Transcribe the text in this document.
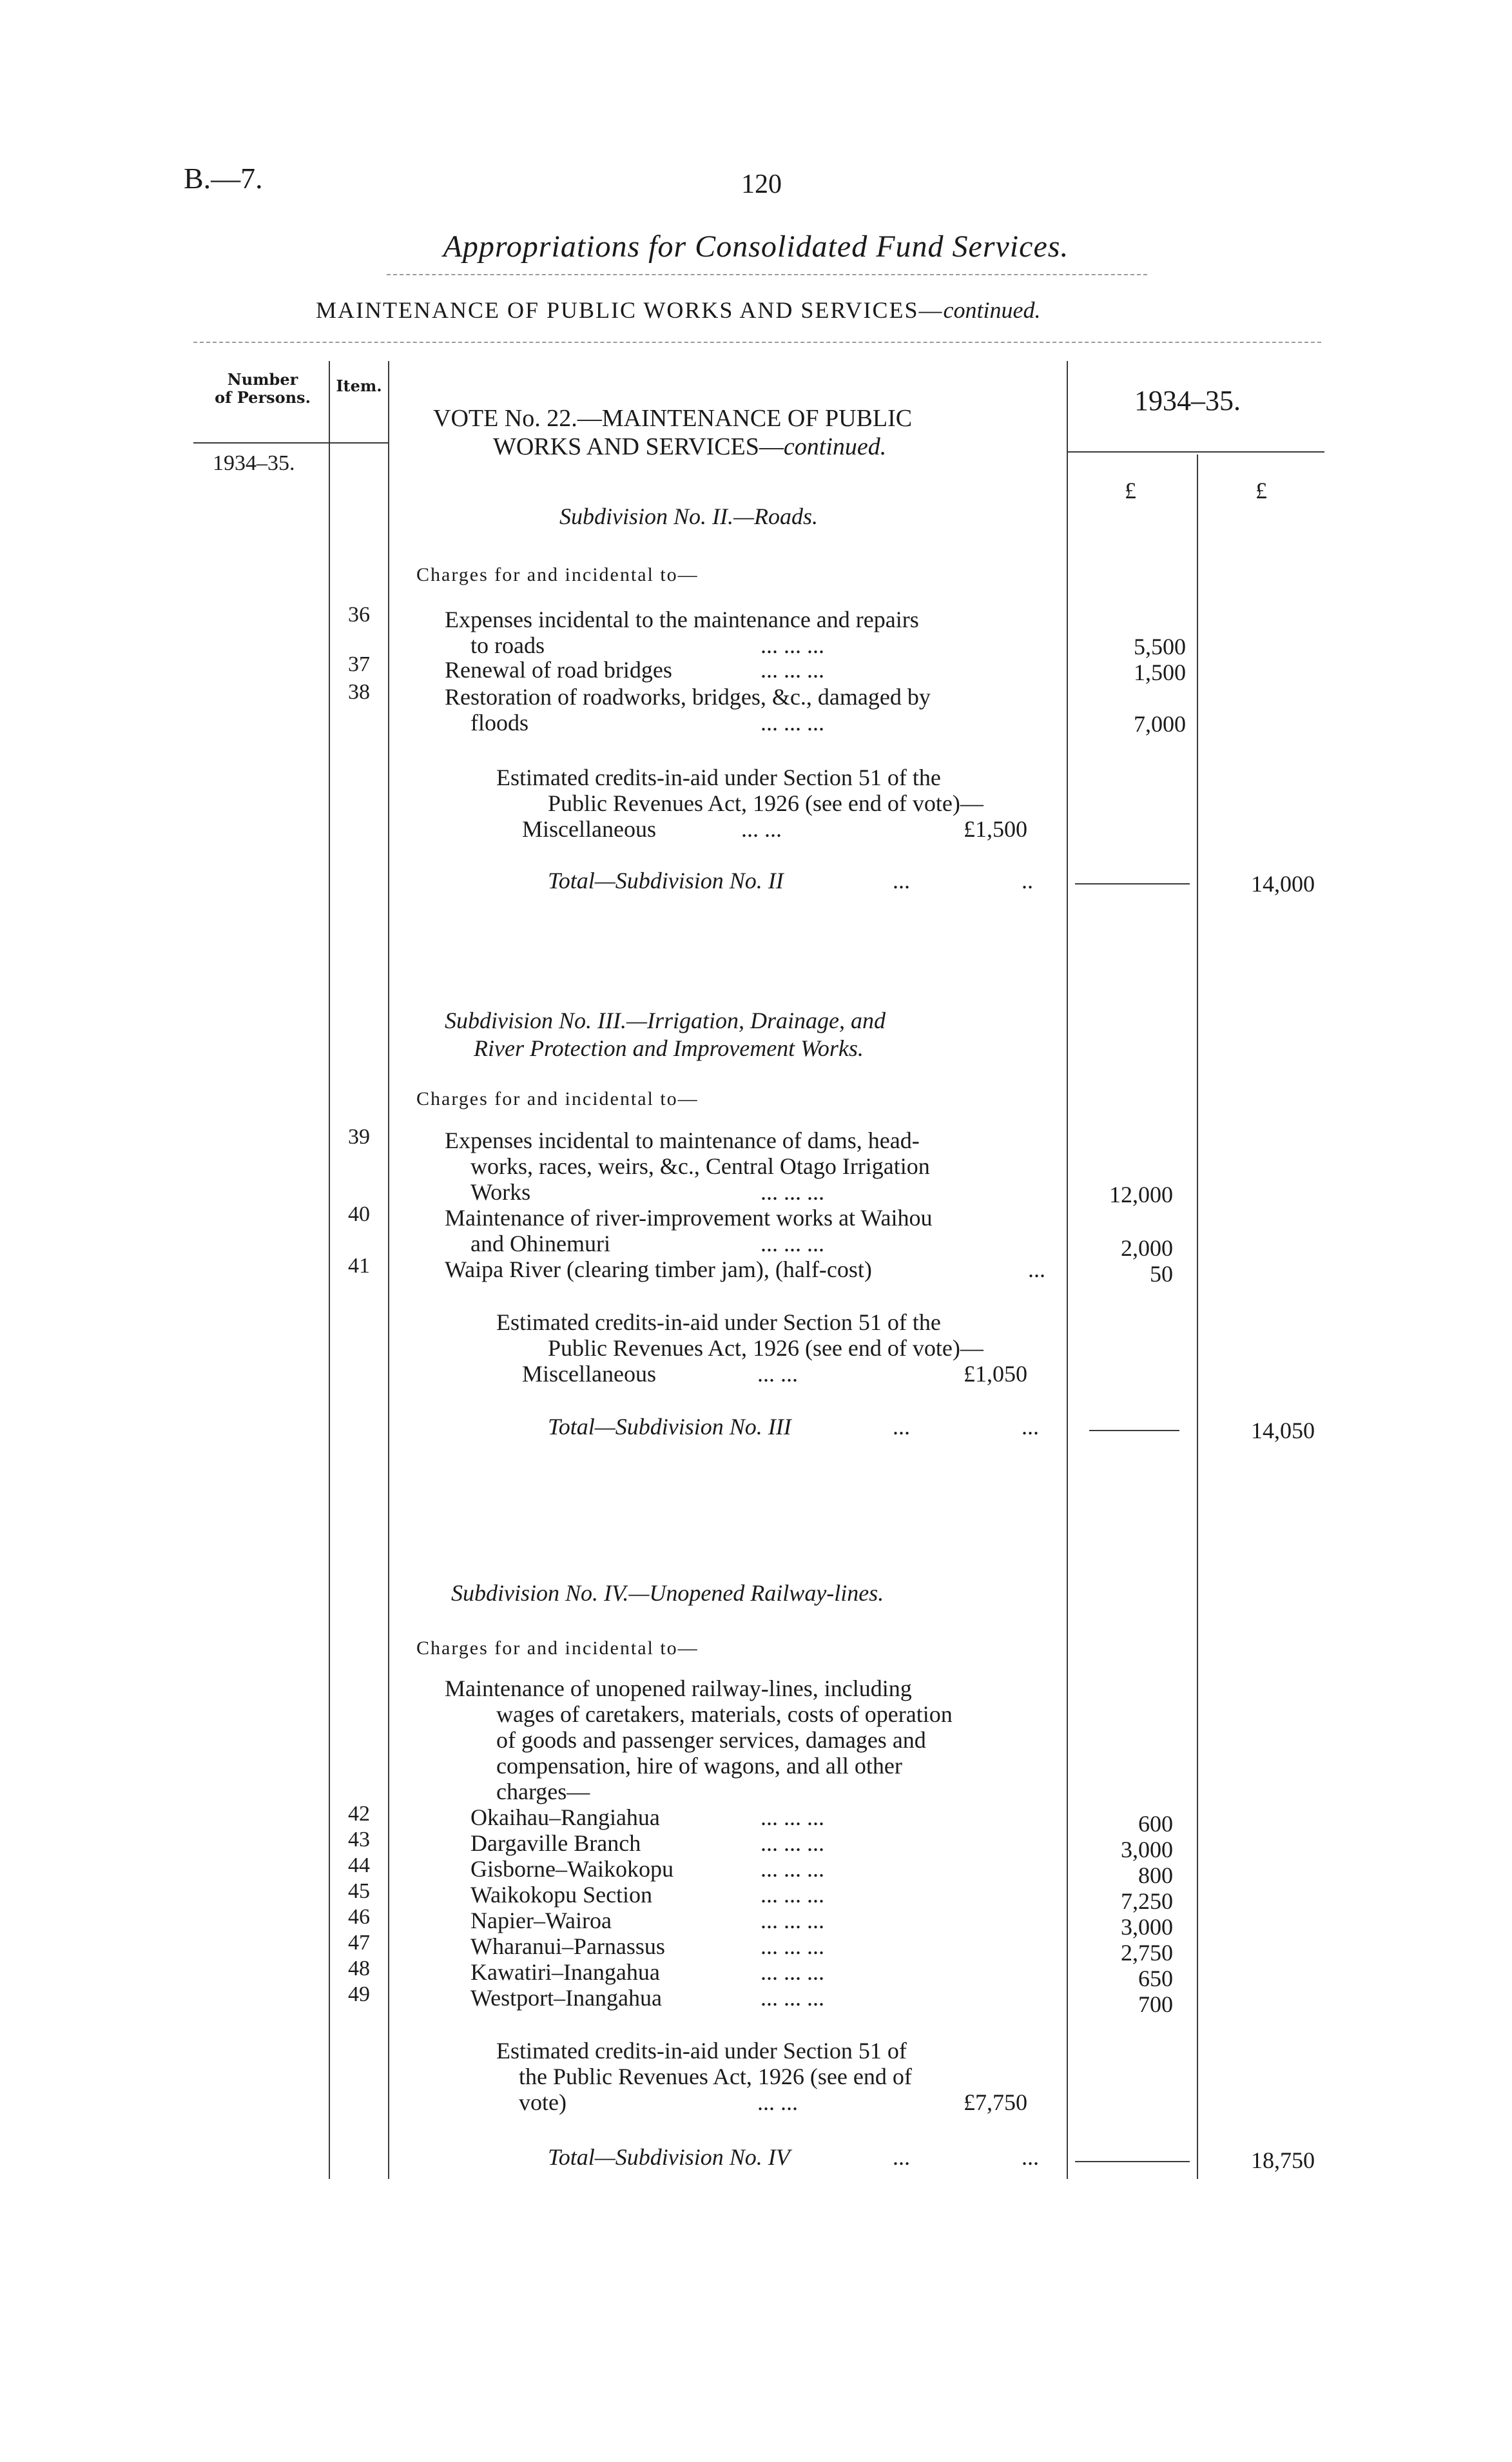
B.—7.	120
Appropriations for Consolidated Fund Services.
MAINTENANCE OF PUBLIC WORKS AND SERVICES—continued.
Number
of Persons.
Item.
1934–35.
1934–35.
£	£
VOTE No. 22.—MAINTENANCE OF PUBLIC
WORKS AND SERVICES—continued.
Subdivision No. II.—Roads.
Charges for and incidental to—
36	Expenses incidental to the maintenance and repairs
to roads	... ... ...	5,500
37	Renewal of road bridges	... ... ...	1,500
38	Restoration of roadworks, bridges, &c., damaged by
floods	... ... ...	7,000
Estimated credits-in-aid under Section 51 of the
Public Revenues Act, 1926 (see end of vote)—
Miscellaneous	... ...	£1,500
Total—Subdivision No. II	...	..	14,000
Subdivision No. III.—Irrigation, Drainage, and
River Protection and Improvement Works.
Charges for and incidental to—
39	Expenses incidental to maintenance of dams, head-
works, races, weirs, &c., Central Otago Irrigation
Works	... ... ...	12,000
40	Maintenance of river-improvement works at Waihou
and Ohinemuri	... ... ...	2,000
41	Waipa River (clearing timber jam), (half-cost)	...	50
Estimated credits-in-aid under Section 51 of the
Public Revenues Act, 1926 (see end of vote)—
Miscellaneous	... ...	£1,050
Total—Subdivision No. III	...	...	14,050
Subdivision No. IV.—Unopened Railway-lines.
Charges for and incidental to—
Maintenance of unopened railway-lines, including
wages of caretakers, materials, costs of operation
of goods and passenger services, damages and
compensation, hire of wagons, and all other
charges—
42	Okaihau–Rangiahua	... ... ...	600
43	Dargaville Branch	... ... ...	3,000
44	Gisborne–Waikokopu	... ... ...	800
45	Waikokopu Section	... ... ...	7,250
46	Napier–Wairoa	... ... ...	3,000
47	Wharanui–Parnassus	... ... ...	2,750
48	Kawatiri–Inangahua	... ... ...	650
49	Westport–Inangahua	... ... ...	700
Estimated credits-in-aid under Section 51 of
the Public Revenues Act, 1926 (see end of
vote)	... ...	£7,750
Total—Subdivision No. IV	...	...	18,750
